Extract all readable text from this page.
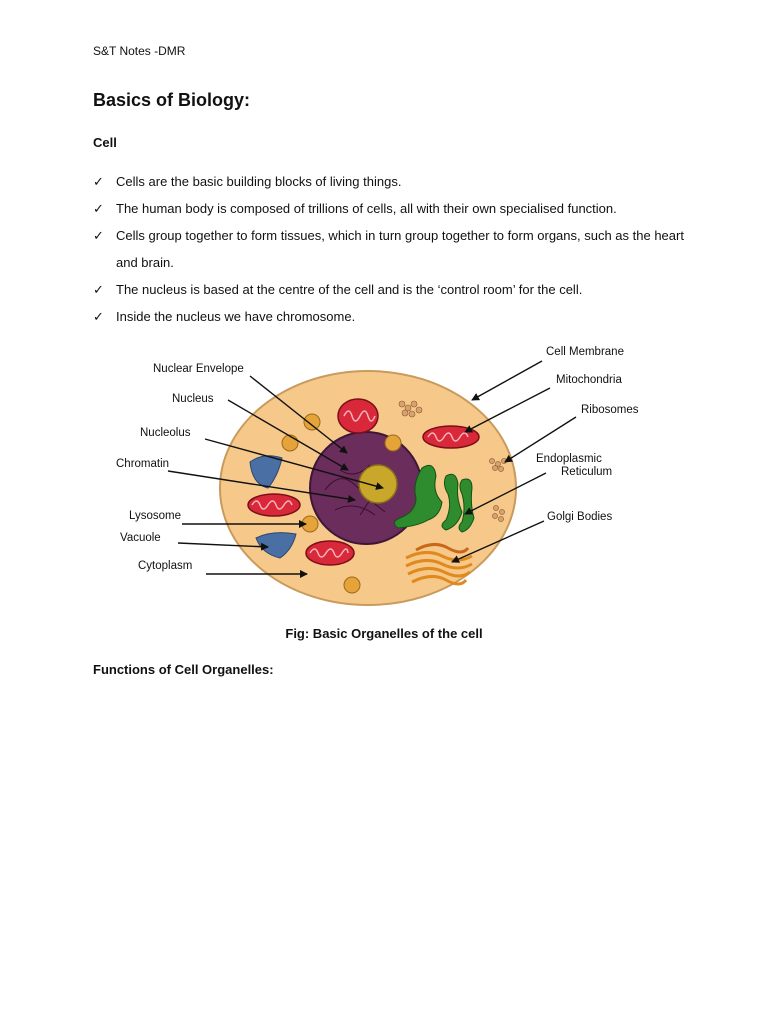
S&T Notes -DMR
Basics of Biology:
Cell
✓ Cells are the basic building blocks of living things.
✓ The human body is composed of trillions of cells, all with their own specialised function.
✓ Cells group together to form tissues, which in turn group together to form organs, such as the heart and brain.
✓ The nucleus is based at the centre of the cell and is the ‘control room’ for the cell.
✓ Inside the nucleus we have chromosome.
Nuclear Envelope
Nucleus
Nucleolus
Chromatin
Lysosome
Vacuole
Cytoplasm
Cell Membrane
Mitochondria
Ribosomes
Endoplasmic
Reticulum
Golgi Bodies
Fig: Basic Organelles of the cell
Functions of Cell Organelles:
